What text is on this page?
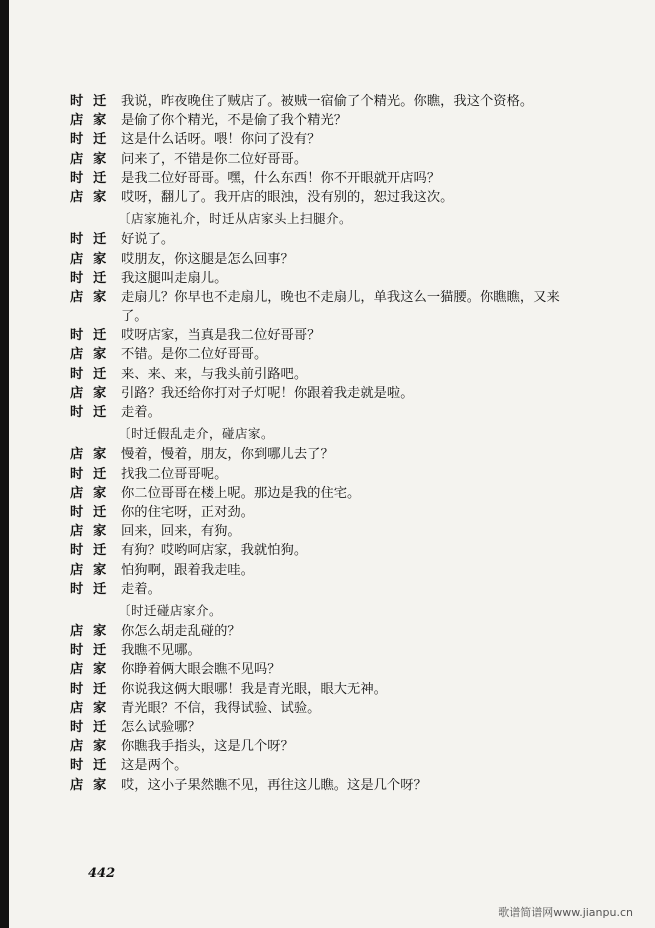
时 迁	我说，昨夜晚住了贼店了。被贼一宿偷了个精光。你瞧，我这个资格。
店 家	是偷了你个精光，不是偷了我个精光？
时 迁	这是什么话呀。喂！你问了没有？
店 家	问来了，不错是你二位好哥哥。
时 迁	是我二位好哥哥。嘿，什么东西！你不开眼就开店吗？
店 家	哎呀，翻儿了。我开店的眼浊，没有别的，恕过我这次。
〔店家施礼介，时迁从店家头上扫腿介。
时 迁	好说了。
店 家	哎朋友，你这腿是怎么回事？
时 迁	我这腿叫走扇儿。
店 家	走扇儿？你早也不走扇儿，晚也不走扇儿，单我这么一猫腰。你瞧瞧，又来
了。
时 迁	哎呀店家，当真是我二位好哥哥？
店 家	不错。是你二位好哥哥。
时 迁	来、来、来，与我头前引路吧。
店 家	引路？我还给你打对子灯呢！你跟着我走就是啦。
时 迁	走着。
〔时迁假乱走介，碰店家。
店 家	慢着，慢着，朋友，你到哪儿去了？
时 迁	找我二位哥哥呢。
店 家	你二位哥哥在楼上呢。那边是我的住宅。
时 迁	你的住宅呀，正对劲。
店 家	回来，回来，有狗。
时 迁	有狗？哎哟呵店家，我就怕狗。
店 家	怕狗啊，跟着我走哇。
时 迁	走着。
〔时迁碰店家介。
店 家	你怎么胡走乱碰的？
时 迁	我瞧不见哪。
店 家	你睁着俩大眼会瞧不见吗？
时 迁	你说我这俩大眼哪！我是青光眼，眼大无神。
店 家	青光眼？不信，我得试验、试验。
时 迁	怎么试验哪？
店 家	你瞧我手指头，这是几个呀？
时 迁	这是两个。
店 家	哎，这小子果然瞧不见，再往这儿瞧。这是几个呀？
442
歌谱简谱网www.jianpu.cn
